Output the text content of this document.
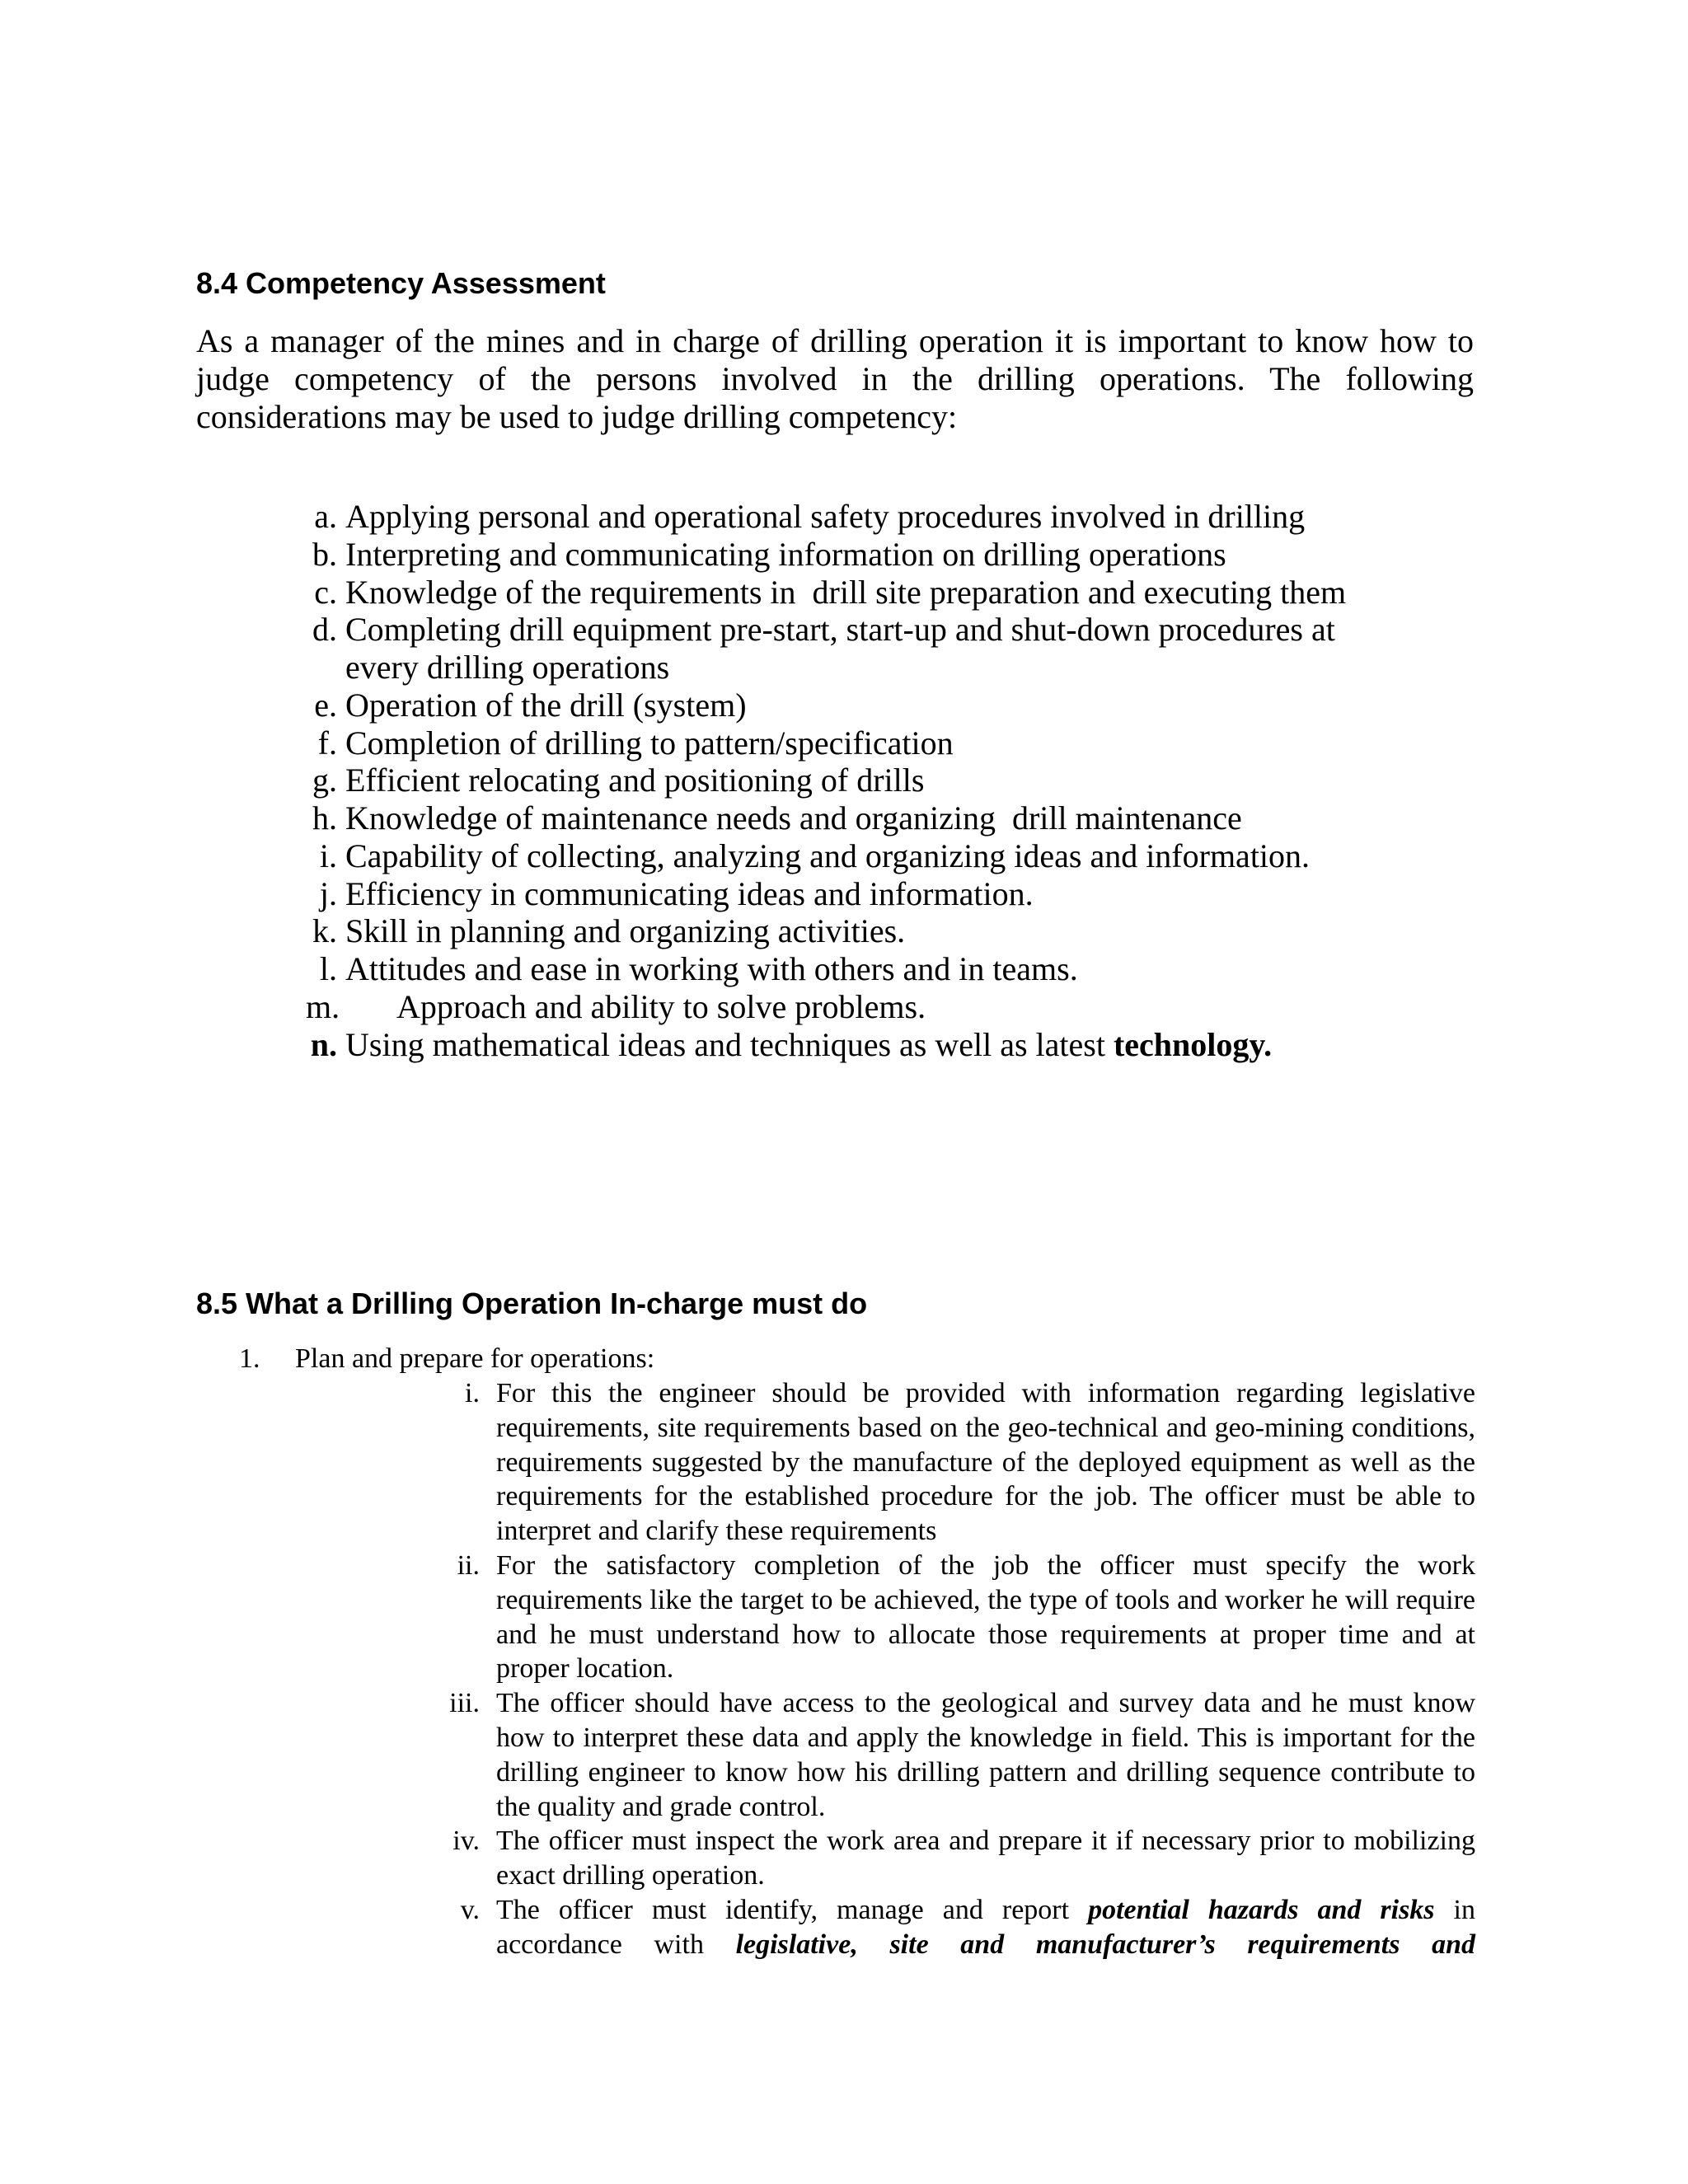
8.4 Competency Assessment

As a manager of the mines and in charge of drilling operation it is important to know how to judge competency of the persons involved in the drilling operations. The following considerations may be used to judge drilling competency:

a. Applying personal and operational safety procedures involved in drilling
b. Interpreting and communicating information on drilling operations
c. Knowledge of the requirements in  drill site preparation and executing them
d. Completing drill equipment pre-start, start-up and shut-down procedures at every drilling operations
e. Operation of the drill (system)
f. Completion of drilling to pattern/specification
g. Efficient relocating and positioning of drills
h. Knowledge of maintenance needs and organizing  drill maintenance
i. Capability of collecting, analyzing and organizing ideas and information.
j. Efficiency in communicating ideas and information.
k. Skill in planning and organizing activities.
l. Attitudes and ease in working with others and in teams.
m.	Approach and ability to solve problems.
n. Using mathematical ideas and techniques as well as latest technology.
8.5 What a Drilling Operation In-charge must do
1. Plan and prepare for operations:
i. For this the engineer should be provided with information regarding legislative requirements, site requirements based on the geo-technical and geo-mining conditions, requirements suggested by the manufacture of the deployed equipment as well as the requirements for the established procedure for the job. The officer must be able to interpret and clarify these requirements
ii. For the satisfactory completion of the job the officer must specify the work requirements like the target to be achieved, the type of tools and worker he will require and he must understand how to allocate those requirements at proper time and at proper location.
iii. The officer should have access to the geological and survey data and he must know how to interpret these data and apply the knowledge in field. This is important for the drilling engineer to know how his drilling pattern and drilling sequence contribute to the quality and grade control.
iv. The officer must inspect the work area and prepare it if necessary prior to mobilizing exact drilling operation.
v. The officer must identify, manage and report potential hazards and risks in accordance with legislative, site and manufacturer’s requirements and
